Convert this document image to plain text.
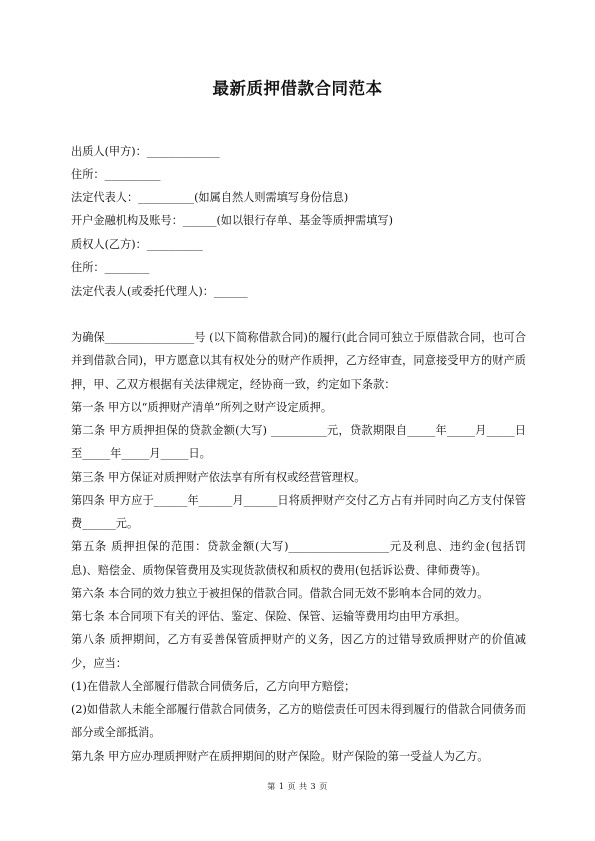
最新质押借款合同范本
出质人(甲方)：_____________
住所：__________
法定代表人：__________(如属自然人则需填写身份信息)
开户金融机构及账号：______(如以银行存单、基金等质押需填写)
质权人(乙方)：__________
住所：________
法定代表人(或委托代理人)：______

为确保________________号 (以下简称借款合同)的履行(此合同可独立于原借款合同，也可合并到借款合同)，甲方愿意以其有权处分的财产作质押，乙方经审查，同意接受甲方的财产质押，甲、乙双方根据有关法律规定，经协商一致，约定如下条款：

第一条 甲方以“质押财产清单”所列之财产设定质押。

第二条 甲方质押担保的贷款金额(大写) __________元，贷款期限自_____年_____月_____日至_____年_____月_____日。

第三条 甲方保证对质押财产依法享有所有权或经营管理权。

第四条 甲方应于______年______月______日将质押财产交付乙方占有并同时向乙方支付保管费______元。

第五条 质押担保的范围：贷款金额(大写)__________________元及利息、违约金(包括罚息)、赔偿金、质物保管费用及实现货款债权和质权的费用(包括诉讼费、律师费等)。

第六条 本合同的效力独立于被担保的借款合同。借款合同无效不影响本合同的效力。

第七条 本合同项下有关的评估、鉴定、保险、保管、运输等费用均由甲方承担。

第八条 质押期间，乙方有妥善保管质押财产的义务，因乙方的过错导致质押财产的价值减少，应当：

(1)在借款人全部履行借款合同债务后，乙方向甲方赔偿；

(2)如借款人未能全部履行借款合同债务，乙方的赔偿责任可因未得到履行的借款合同债务而部分或全部抵消。

第九条 甲方应办理质押财产在质押期间的财产保险。财产保险的第一受益人为乙方。

第 1 页 共 3 页
